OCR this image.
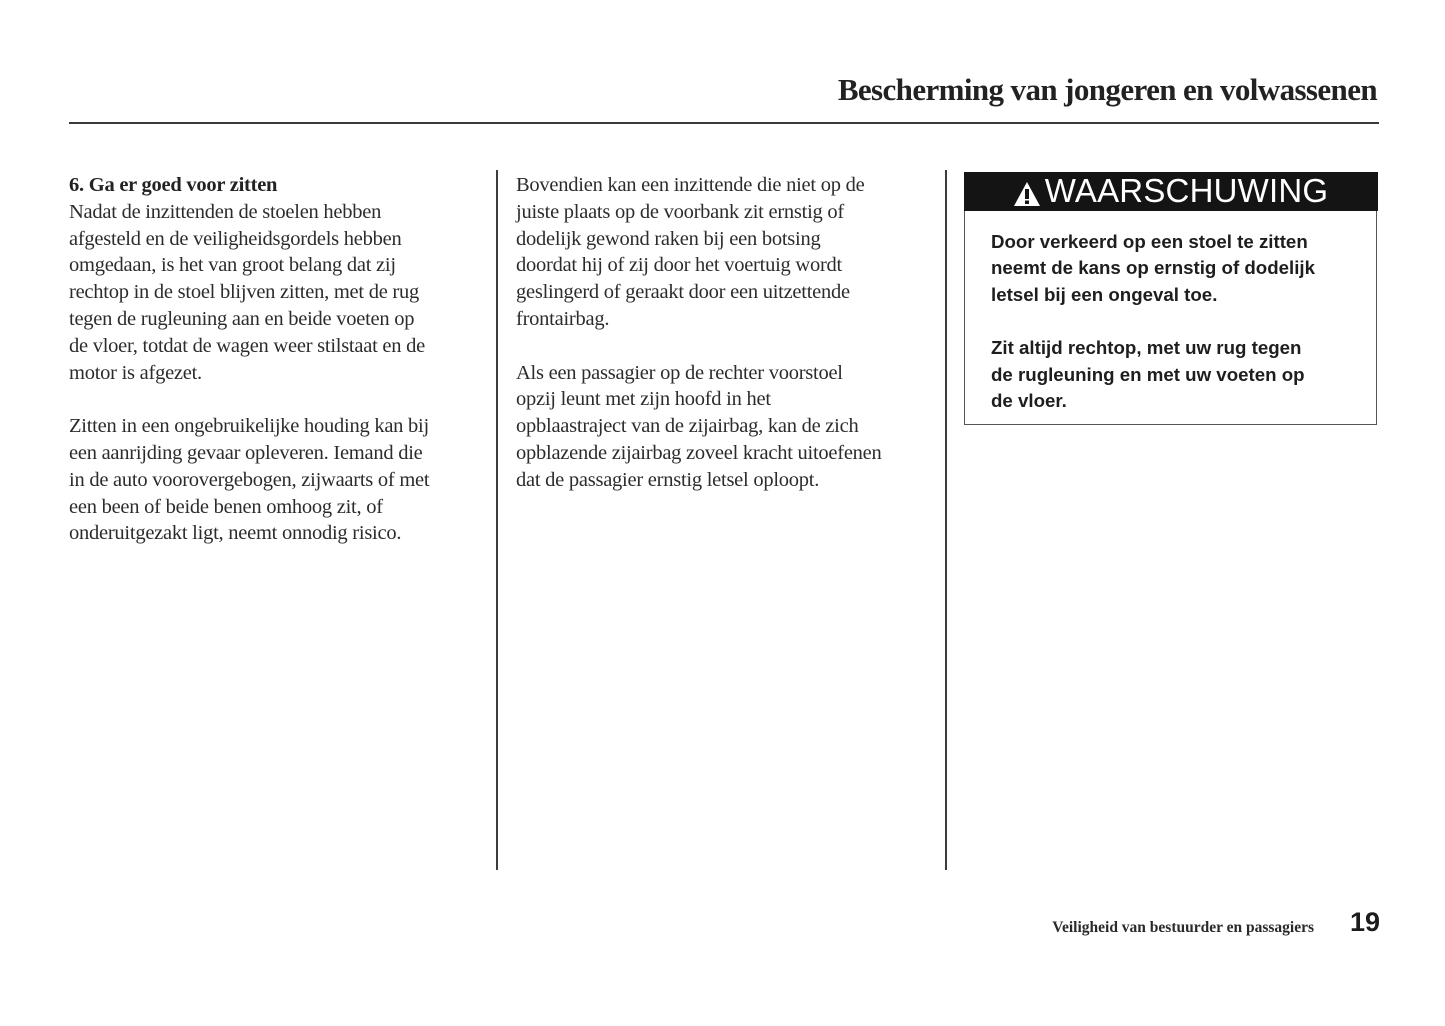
Bescherming van jongeren en volwassenen
6. Ga er goed voor zitten
Nadat de inzittenden de stoelen hebben
afgesteld en de veiligheidsgordels hebben
omgedaan, is het van groot belang dat zij
rechtop in de stoel blijven zitten, met de rug
tegen de rugleuning aan en beide voeten op
de vloer, totdat de wagen weer stilstaat en de
motor is afgezet.
Zitten in een ongebruikelijke houding kan bij
een aanrijding gevaar opleveren. Iemand die
in de auto voorovergebogen, zijwaarts of met
een been of beide benen omhoog zit, of
onderuitgezakt ligt, neemt onnodig risico.
Bovendien kan een inzittende die niet op de
juiste plaats op de voorbank zit ernstig of
dodelijk gewond raken bij een botsing
doordat hij of zij door het voertuig wordt
geslingerd of geraakt door een uitzettende
frontairbag.
Als een passagier op de rechter voorstoel
opzij leunt met zijn hoofd in het
opblaastraject van de zijairbag, kan de zich
opblazende zijairbag zoveel kracht uitoefenen
dat de passagier ernstig letsel oploopt.
WAARSCHUWING
Door verkeerd op een stoel te zitten
neemt de kans op ernstig of dodelijk
letsel bij een ongeval toe.
Zit altijd rechtop, met uw rug tegen
de rugleuning en met uw voeten op
de vloer.
Veiligheid van bestuurder en passagiers 19
